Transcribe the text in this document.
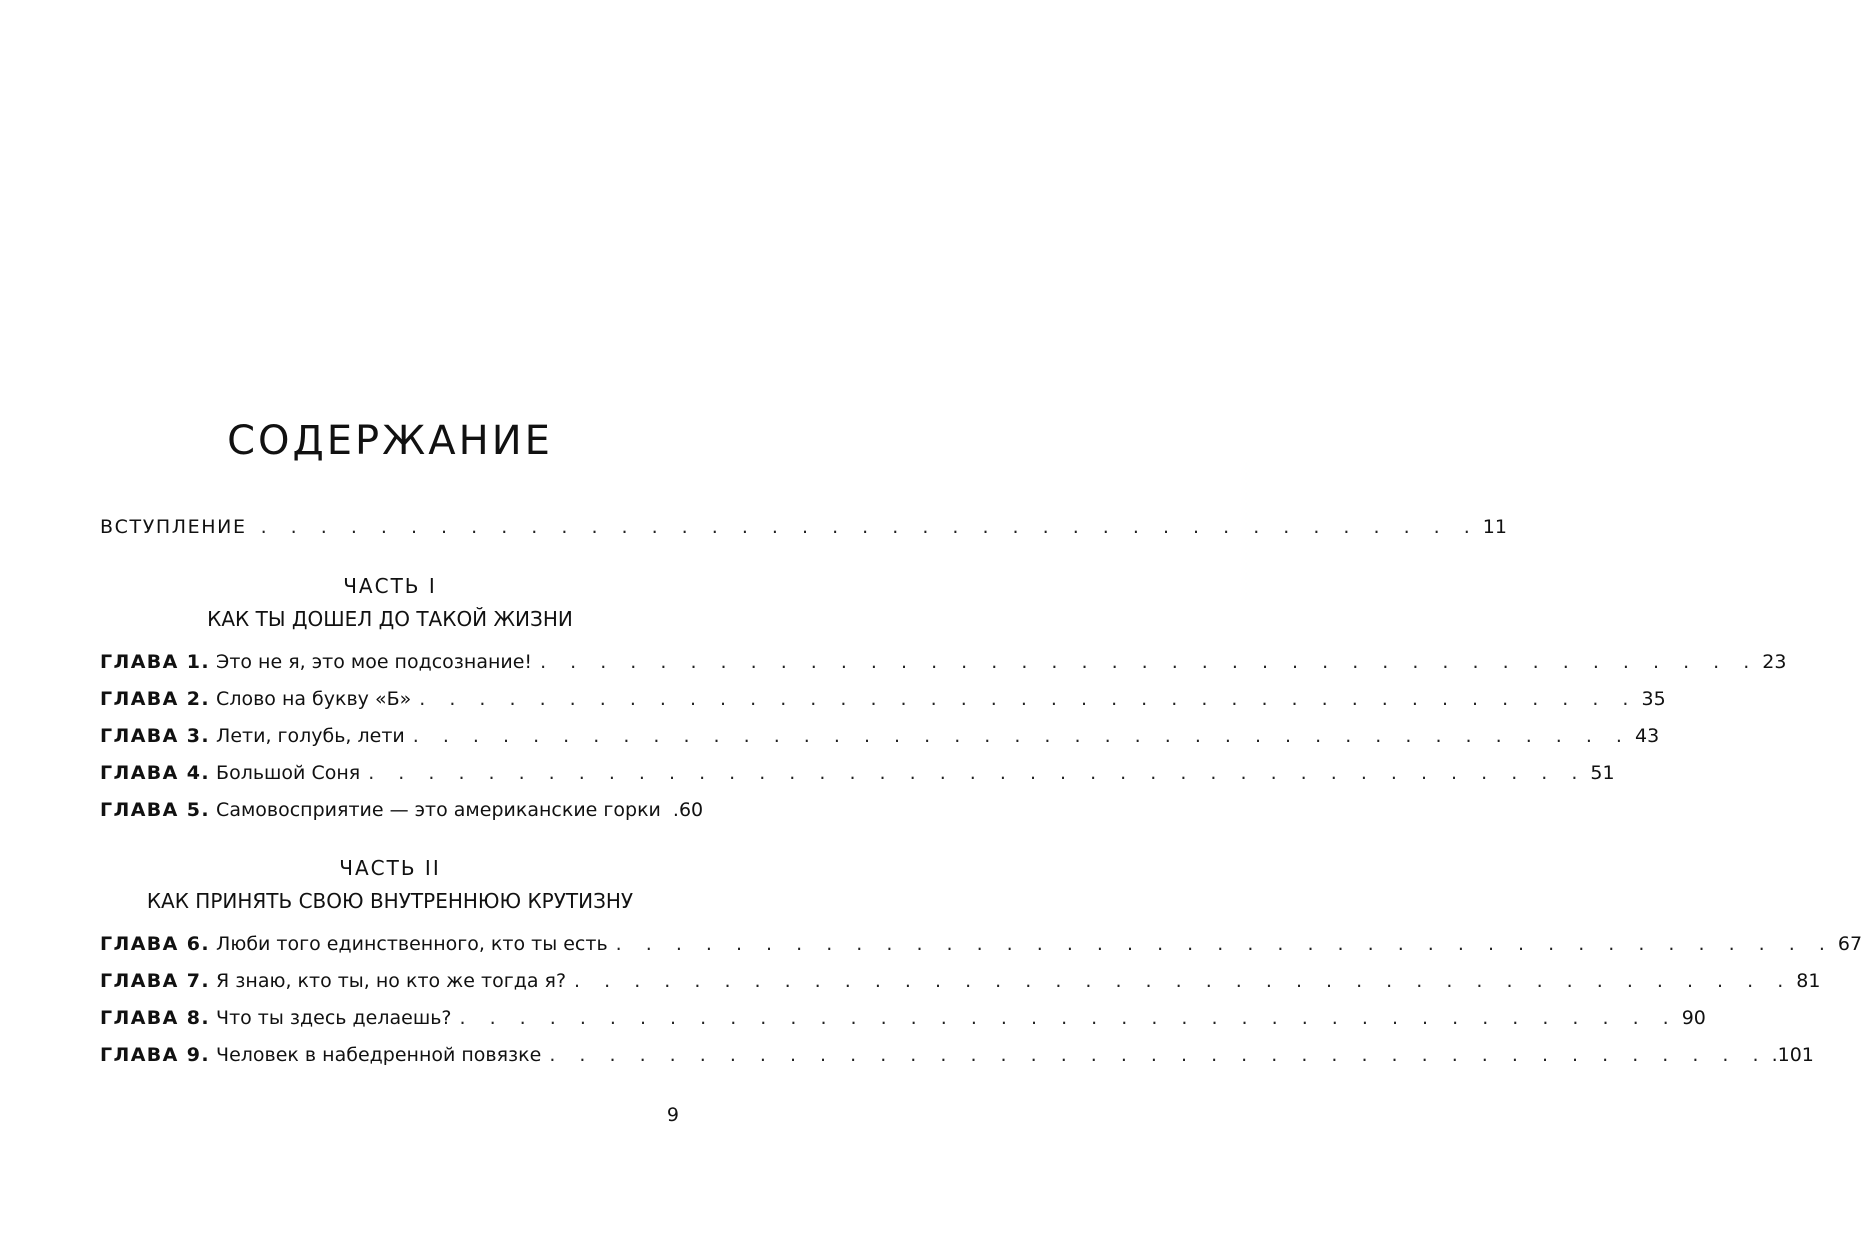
СОДЕРЖАНИЕ
ВСТУПЛЕНИЕ . . . . . . . . . . . . . . . . . . . . . . . . . . . . . . . . . . . . . . . . . 11
ЧАСТЬ I
КАК ТЫ ДОШЕЛ ДО ТАКОЙ ЖИЗНИ
ГЛАВА 1. Это не я, это мое подсознание! . . . . . . . . . . . . . . . . . . . . . . . . . . . . . . . . . . . . . . . . . 23
ГЛАВА 2. Слово на букву «Б» . . . . . . . . . . . . . . . . . . . . . . . . . . . . . . . . . . . . . . . . . 35
ГЛАВА 3. Лети, голубь, лети . . . . . . . . . . . . . . . . . . . . . . . . . . . . . . . . . . . . . . . . . 43
ГЛАВА 4. Большой Соня . . . . . . . . . . . . . . . . . . . . . . . . . . . . . . . . . . . . . . . . . 51
ГЛАВА 5. Самовосприятие — это американские горки .60
ЧАСТЬ II
КАК ПРИНЯТЬ СВОЮ ВНУТРЕННЮЮ КРУТИЗНУ
ГЛАВА 6. Люби того единственного, кто ты есть . . . . . . . . . . . . . . . . . . . . . . . . . . . . . . . . . . . . . . . . . 67
ГЛАВА 7. Я знаю, кто ты, но кто же тогда я? . . . . . . . . . . . . . . . . . . . . . . . . . . . . . . . . . . . . . . . . . 81
ГЛАВА 8. Что ты здесь делаешь? . . . . . . . . . . . . . . . . . . . . . . . . . . . . . . . . . . . . . . . . . 90
ГЛАВА 9. Человек в набедренной повязке . . . . . . . . . . . . . . . . . . . . . . . . . . . . . . . . . . . . . . . . . .101
9
